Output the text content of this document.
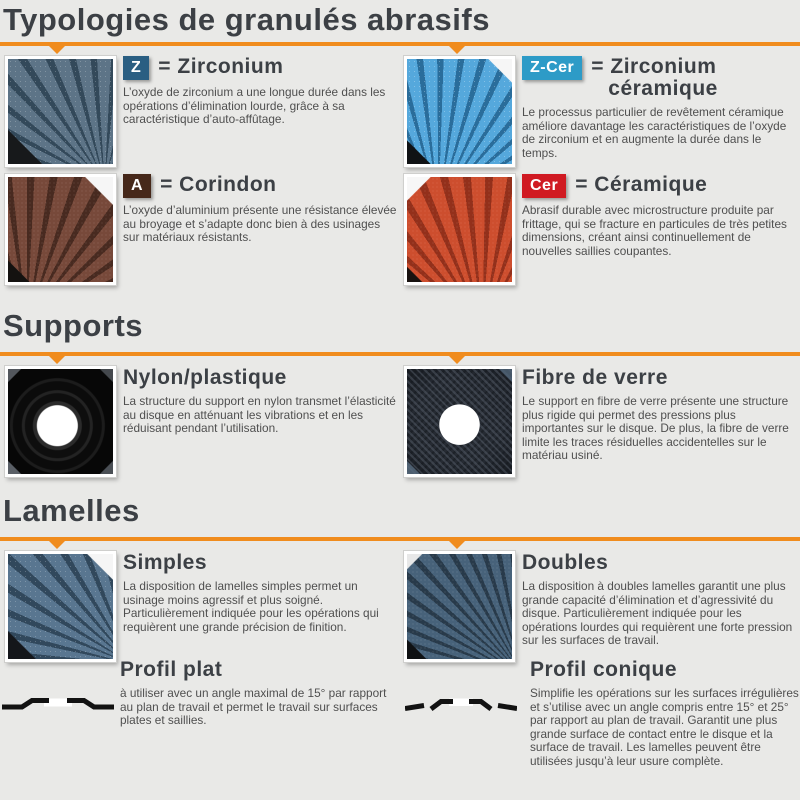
Typologies de granulés abrasifs
Z = Zirconium

L’oxyde de zirconium a une longue durée dans les opérations d’élimination lourde, grâce à sa caractéristique d’auto-affûtage.

Z-Cer = Zirconium
céramique

Le processus particulier de revêtement céramique améliore davantage les caractéristiques de l’oxyde de zirconium et en augmente la durée dans le temps.

A = Corindon

L’oxyde d’aluminium présente une résistance élevée au broyage et s’adapte donc bien à des usinages sur matériaux résistants.

Cer = Céramique

Abrasif durable avec microstructure produite par frittage, qui se fracture en particules de très petites dimensions, créant ainsi continuellement de nouvelles saillies coupantes.

Supports
Nylon/plastique

La structure du support en nylon transmet l’élasticité au disque en atténuant les vibrations et en les réduisant pendant l’utilisation.

Fibre de verre

Le support en fibre de verre présente une structure plus rigide qui permet des pressions plus importantes sur le disque. De plus, la fibre de verre limite les traces résiduelles accidentelles sur le matériau usiné.

Lamelles
Simples

La disposition de lamelles simples permet un usinage moins agressif et plus soigné. Particulièrement indiquée pour les opérations qui requièrent une grande précision de finition.

Doubles

La disposition à doubles lamelles garantit une plus grande capacité d’élimination et d’agressivité du disque. Particulièrement indiquée pour les opérations lourdes qui requièrent une forte pression sur les surfaces de travail.

Profil plat

à utiliser avec un angle maximal de 15° par rapport au plan de travail et permet le travail sur surfaces plates et saillies.

Profil conique

Simplifie les opérations sur les surfaces irrégulières et s’utilise avec un angle compris entre 15° et 25° par rapport au plan de travail. Garantit une plus grande surface de contact entre le disque et la surface de travail. Les lamelles peuvent être utilisées jusqu’à leur usure complète.
